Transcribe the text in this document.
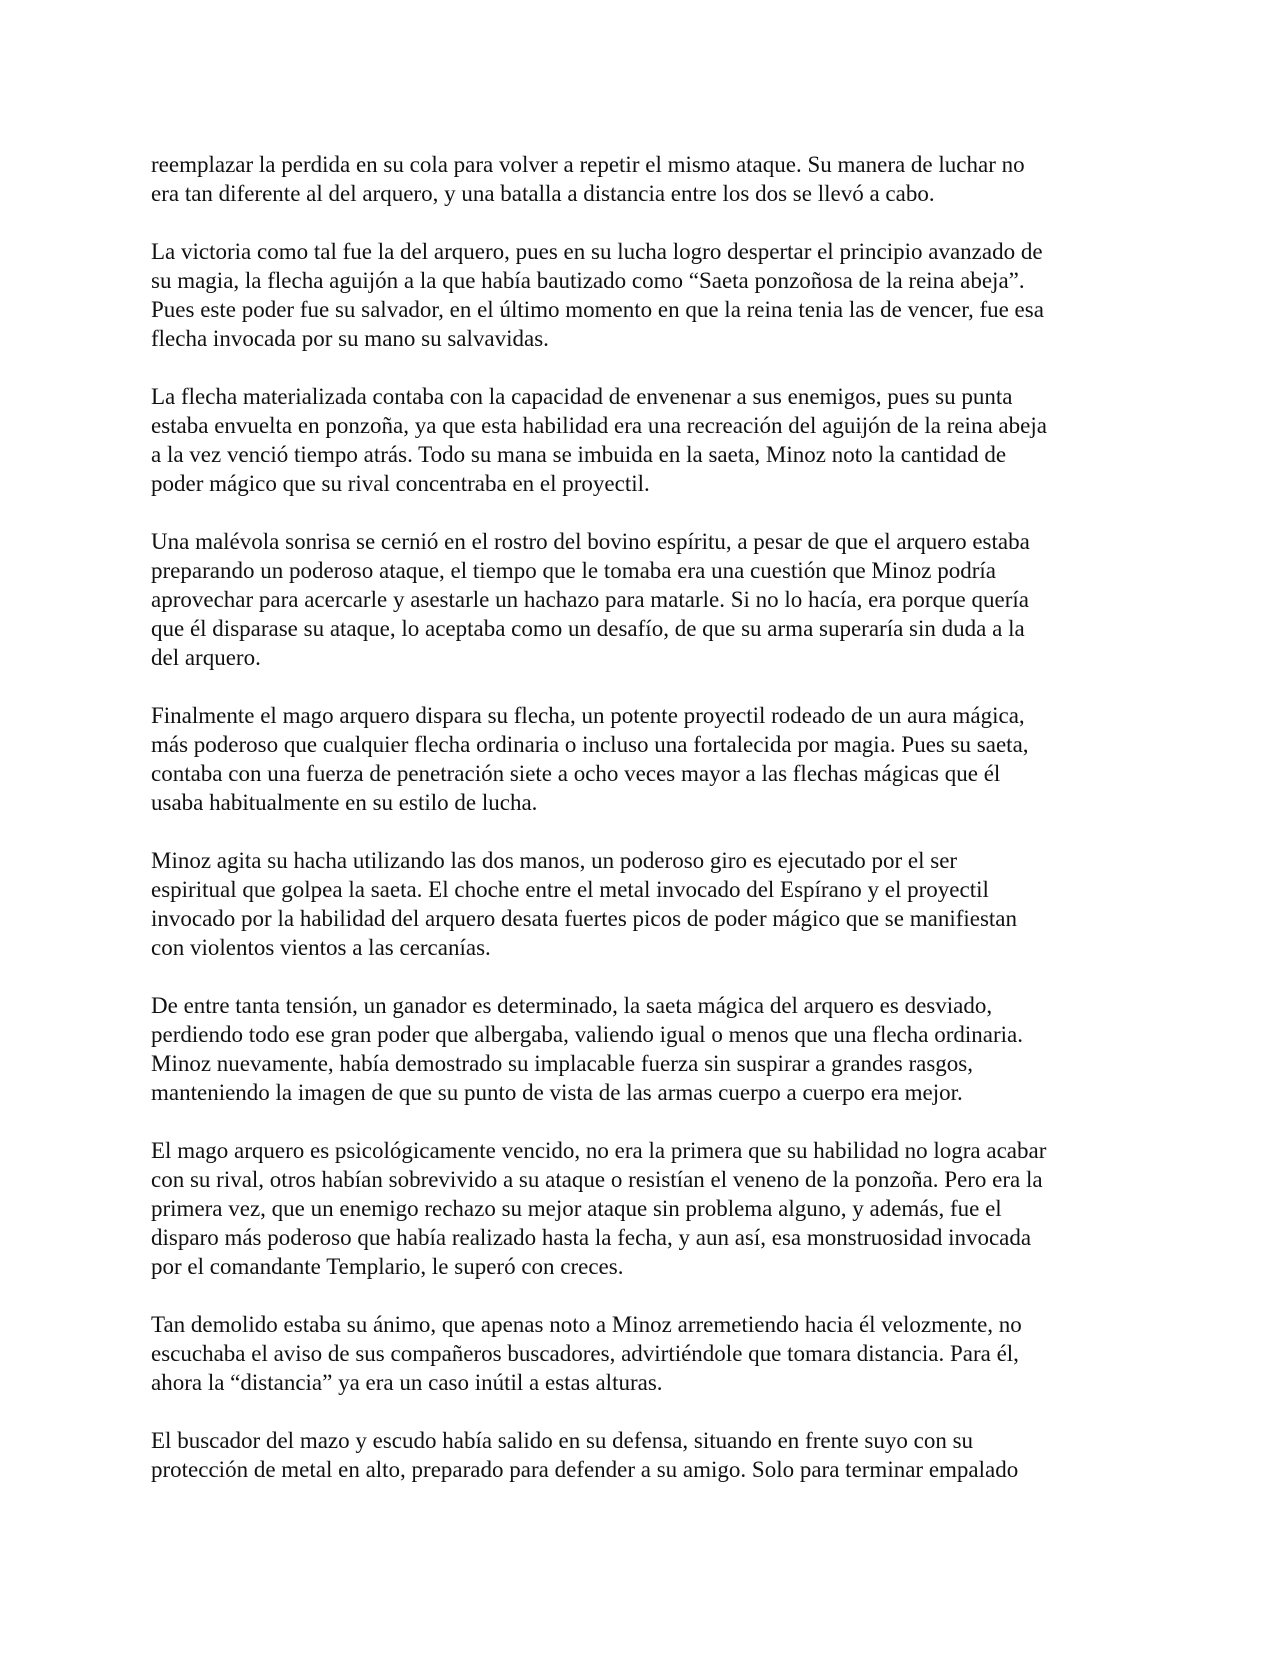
reemplazar la perdida en su cola para volver a repetir el mismo ataque. Su manera de luchar no
era tan diferente al del arquero, y una batalla a distancia entre los dos se llevó a cabo.

La victoria como tal fue la del arquero, pues en su lucha logro despertar el principio avanzado de
su magia, la flecha aguijón a la que había bautizado como “Saeta ponzoñosa de la reina abeja”.
Pues este poder fue su salvador, en el último momento en que la reina tenia las de vencer, fue esa
flecha invocada por su mano su salvavidas.

La flecha materializada contaba con la capacidad de envenenar a sus enemigos, pues su punta
estaba envuelta en ponzoña, ya que esta habilidad era una recreación del aguijón de la reina abeja
a la vez venció tiempo atrás. Todo su mana se imbuida en la saeta, Minoz noto la cantidad de
poder mágico que su rival concentraba en el proyectil.

Una malévola sonrisa se cernió en el rostro del bovino espíritu, a pesar de que el arquero estaba
preparando un poderoso ataque, el tiempo que le tomaba era una cuestión que Minoz podría
aprovechar para acercarle y asestarle un hachazo para matarle. Si no lo hacía, era porque quería
que él disparase su ataque, lo aceptaba como un desafío, de que su arma superaría sin duda a la
del arquero.

Finalmente el mago arquero dispara su flecha, un potente proyectil rodeado de un aura mágica,
más poderoso que cualquier flecha ordinaria o incluso una fortalecida por magia. Pues su saeta,
contaba con una fuerza de penetración siete a ocho veces mayor a las flechas mágicas que él
usaba habitualmente en su estilo de lucha.

Minoz agita su hacha utilizando las dos manos, un poderoso giro es ejecutado por el ser
espiritual que golpea la saeta. El choche entre el metal invocado del Espírano y el proyectil
invocado por la habilidad del arquero desata fuertes picos de poder mágico que se manifiestan
con violentos vientos a las cercanías.

De entre tanta tensión, un ganador es determinado, la saeta mágica del arquero es desviado,
perdiendo todo ese gran poder que albergaba, valiendo igual o menos que una flecha ordinaria.
Minoz nuevamente, había demostrado su implacable fuerza sin suspirar a grandes rasgos,
manteniendo la imagen de que su punto de vista de las armas cuerpo a cuerpo era mejor.

El mago arquero es psicológicamente vencido, no era la primera que su habilidad no logra acabar
con su rival, otros habían sobrevivido a su ataque o resistían el veneno de la ponzoña. Pero era la
primera vez, que un enemigo rechazo su mejor ataque sin problema alguno, y además, fue el
disparo más poderoso que había realizado hasta la fecha, y aun así, esa monstruosidad invocada
por el comandante Templario, le superó con creces.

Tan demolido estaba su ánimo, que apenas noto a Minoz arremetiendo hacia él velozmente, no
escuchaba el aviso de sus compañeros buscadores, advirtiéndole que tomara distancia. Para él,
ahora la “distancia” ya era un caso inútil a estas alturas.

El buscador del mazo y escudo había salido en su defensa, situando en frente suyo con su
protección de metal en alto, preparado para defender a su amigo. Solo para terminar empalado
